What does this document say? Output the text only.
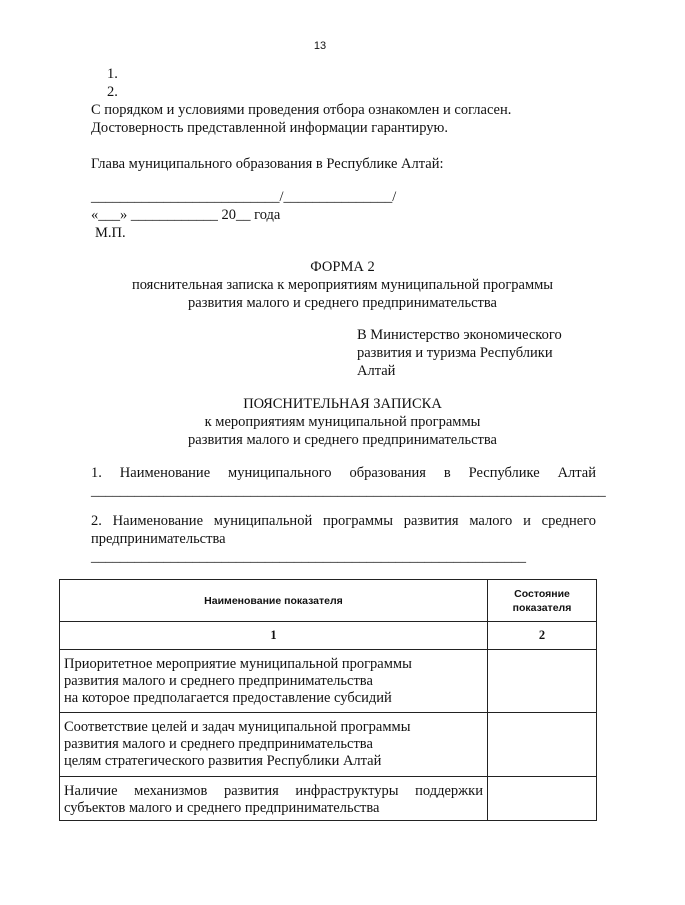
13
1.
2.
С порядком и условиями проведения отбора ознакомлен и согласен.
Достоверность представленной информации гарантирую.
Глава муниципального образования в Республике Алтай:
__________________________/_______________/
«___» ____________ 20__ года
М.П.
ФОРМА 2
пояснительная записка к мероприятиям муниципальной программы
развития малого и среднего предпринимательства
В Министерство экономического
развития и туризма Республики
Алтай
ПОЯСНИТЕЛЬНАЯ ЗАПИСКА
к мероприятиям муниципальной программы
развития малого и среднего предпринимательства
1. Наименование муниципального образования в Республике Алтай
_______________________________________________________________________
2. Наименование муниципальной программы развития малого и среднего
предпринимательства
____________________________________________________________
Наименование показателя	Состояние показателя
1	2

Приоритетное мероприятие муниципальной программы
развития малого и среднего предпринимательства
на которое предполагается предоставление субсидий	

Соответствие целей и задач муниципальной программы
развития малого и среднего предпринимательства
целям стратегического развития Республики Алтай	

Наличие механизмов развития инфраструктуры поддержки
субъектов малого и среднего предпринимательства	
